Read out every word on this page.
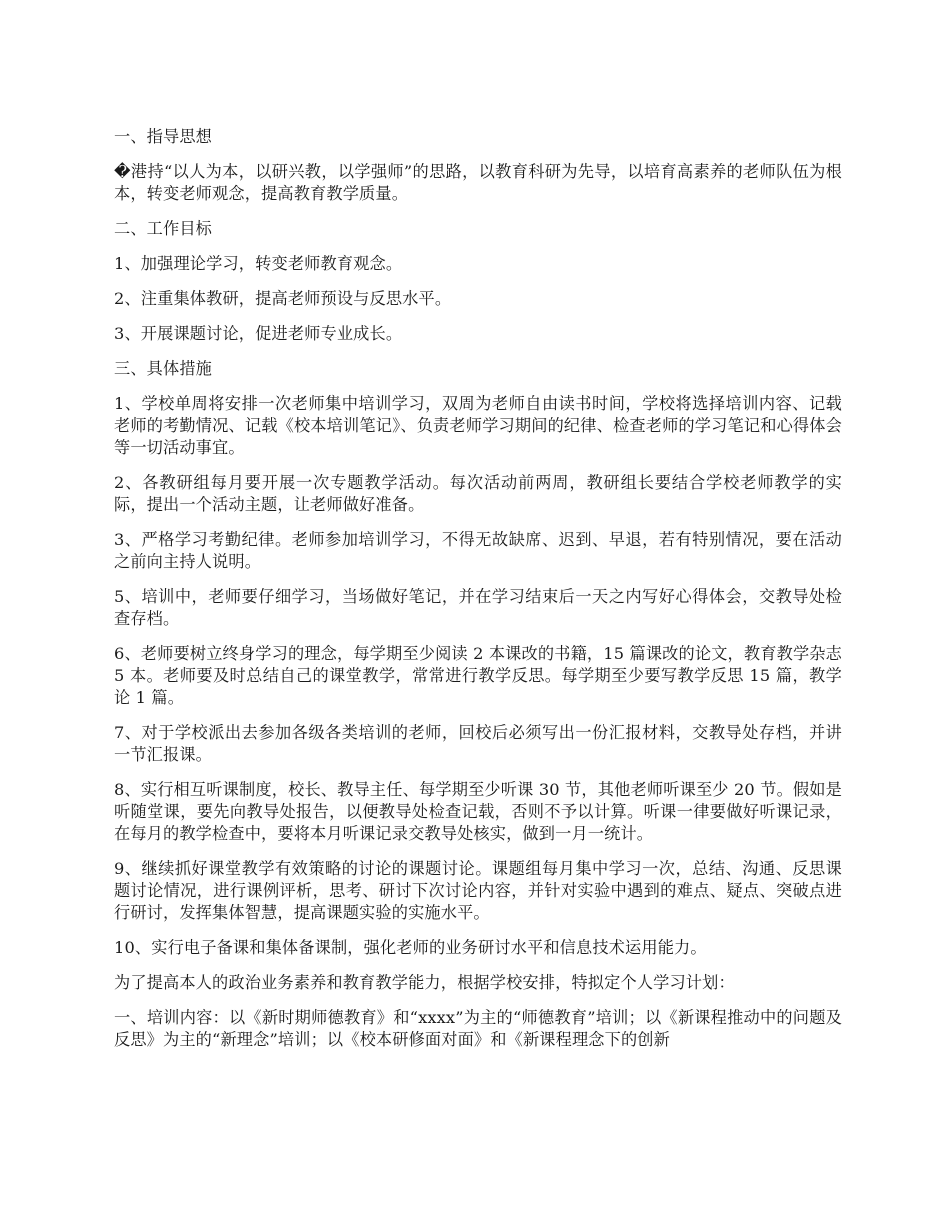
一、指导思想

�港持“以人为本，以研兴教，以学强师”的思路，以教育科研为先导，以培育高素养的老师队伍为根本，转变老师观念，提高教育教学质量。

二、工作目标

1、加强理论学习，转变老师教育观念。

2、注重集体教研，提高老师预设与反思水平。

3、开展课题讨论，促进老师专业成长。

三、具体措施

1、学校单周将安排一次老师集中培训学习，双周为老师自由读书时间，学校将选择培训内容、记载老师的考勤情况、记载《校本培训笔记》、负责老师学习期间的纪律、检查老师的学习笔记和心得体会等一切活动事宜。

2、各教研组每月要开展一次专题教学活动。每次活动前两周，教研组长要结合学校老师教学的实际，提出一个活动主题，让老师做好准备。

3、严格学习考勤纪律。老师参加培训学习，不得无故缺席、迟到、早退，若有特别情况，要在活动之前向主持人说明。

5、培训中，老师要仔细学习，当场做好笔记，并在学习结束后一天之内写好心得体会，交教导处检查存档。

6、老师要树立终身学习的理念，每学期至少阅读 2 本课改的书籍，15 篇课改的论文，教育教学杂志 5 本。老师要及时总结自己的课堂教学，常常进行教学反思。每学期至少要写教学反思 15 篇，教学论 1 篇。

7、对于学校派出去参加各级各类培训的老师，回校后必须写出一份汇报材料，交教导处存档，并讲一节汇报课。

8、实行相互听课制度，校长、教导主任、每学期至少听课 30 节，其他老师听课至少 20 节。假如是听随堂课，要先向教导处报告，以便教导处检查记载，否则不予以计算。听课一律要做好听课记录，在每月的教学检查中，要将本月听课记录交教导处核实，做到一月一统计。

9、继续抓好课堂教学有效策略的讨论的课题讨论。课题组每月集中学习一次，总结、沟通、反思课题讨论情况，进行课例评析，思考、研讨下次讨论内容，并针对实验中遇到的难点、疑点、突破点进行研讨，发挥集体智慧，提高课题实验的实施水平。

10、实行电子备课和集体备课制，强化老师的业务研讨水平和信息技术运用能力。

为了提高本人的政治业务素养和教育教学能力，根据学校安排，特拟定个人学习计划：

一、培训内容：以《新时期师德教育》和“xxxx”为主的“师德教育”培训；以《新课程推动中的问题及反思》为主的“新理念”培训；以《校本研修面对面》和《新课程理念下的创新
